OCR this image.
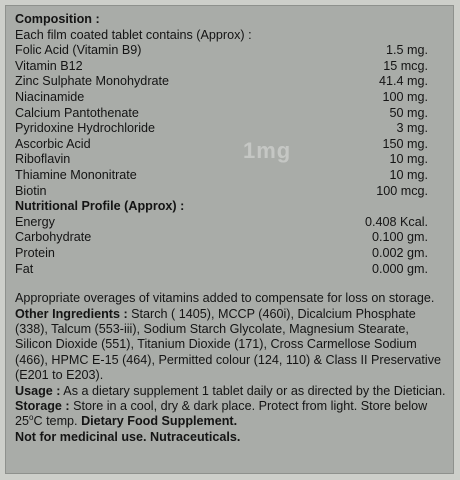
Composition :
Each film coated tablet contains (Approx) :
Folic Acid (Vitamin B9)	1.5 mg.
Vitamin B12	15 mcg.
Zinc Sulphate Monohydrate	41.4 mg.
Niacinamide	100 mg.
Calcium Pantothenate	50 mg.
Pyridoxine Hydrochloride	3 mg.
Ascorbic Acid	150 mg.
Riboflavin	10 mg.
Thiamine Mononitrate	10 mg.
Biotin	100 mcg.
Nutritional Profile (Approx) :
Energy	0.408 Kcal.
Carbohydrate	0.100 gm.
Protein	0.002 gm.
Fat	0.000 gm.
Appropriate overages of vitamins added to compensate for loss on storage.
Other Ingredients : Starch ( 1405), MCCP (460i), Dicalcium Phosphate (338), Talcum (553-iii), Sodium Starch Glycolate, Magnesium Stearate, Silicon Dioxide (551), Titanium Dioxide (171), Cross Carmellose Sodium (466), HPMC E-15 (464), Permitted colour (124, 110) & Class II Preservative (E201 to E203).
Usage : As a dietary supplement 1 tablet daily or as directed by the Dietician.
Storage : Store in a cool, dry & dark place. Protect from light. Store below 25$^o$C temp. Dietary Food Supplement.
Not for medicinal use. Nutraceuticals.
1mg
